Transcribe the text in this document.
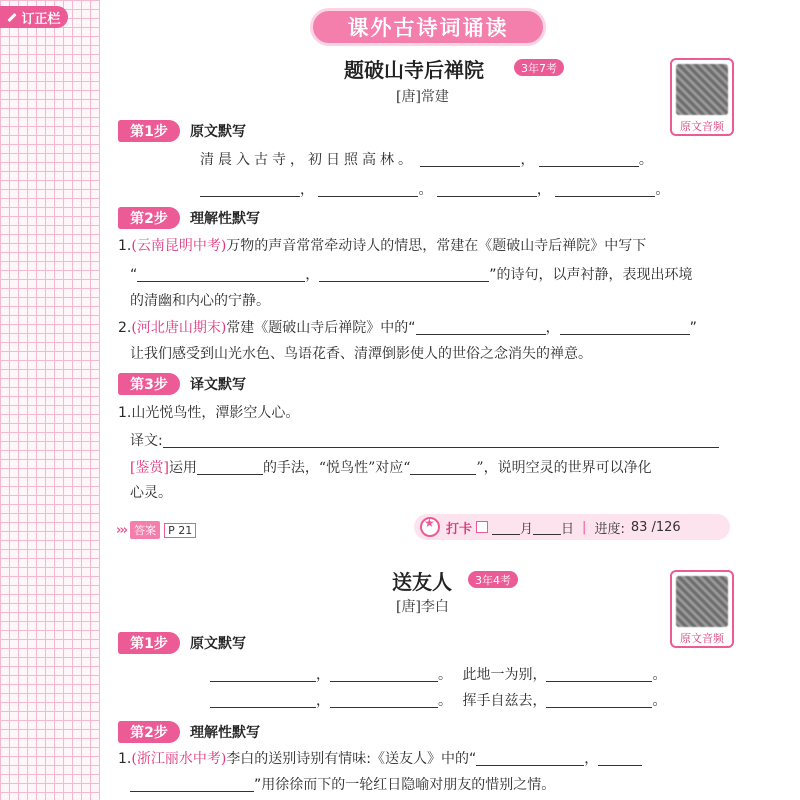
订正栏	课外古诗词诵读
题破山寺后禅院	3年7考
[唐]常建
原文音频
第1步	原文默写
清晨入古寺，初日照高林。	，	。
，	。	，	。
第2步	理解性默写
1.(云南昆明中考)万物的声音常常牵动诗人的情思，常建在《题破山寺后禅院》中写下
“	，	”的诗句，以声衬静，表现出环境
的清幽和内心的宁静。
2.(河北唐山期末)常建《题破山寺后禅院》中的“	，	”
让我们感受到山光水色、鸟语花香、清潭倒影使人的世俗之念消失的禅意。
第3步	译文默写
1.山光悦鸟性，潭影空人心。
译文:
[鉴赏]运用	的手法，“悦鸟性”对应“	”，说明空灵的世界可以净化
心灵。
››› 答案	P 21
★	打卡	月 日 | 进度: 83 /126
送友人	3年4考
[唐]李白
原文音频
第1步	原文默写
，	。 此地一为别，	。
，	。 挥手自兹去，	。
第2步	理解性默写
1.(浙江丽水中考)李白的送别诗别有情味:《送友人》中的“	，
”用徐徐而下的一轮红日隐喻对朋友的惜别之情。
